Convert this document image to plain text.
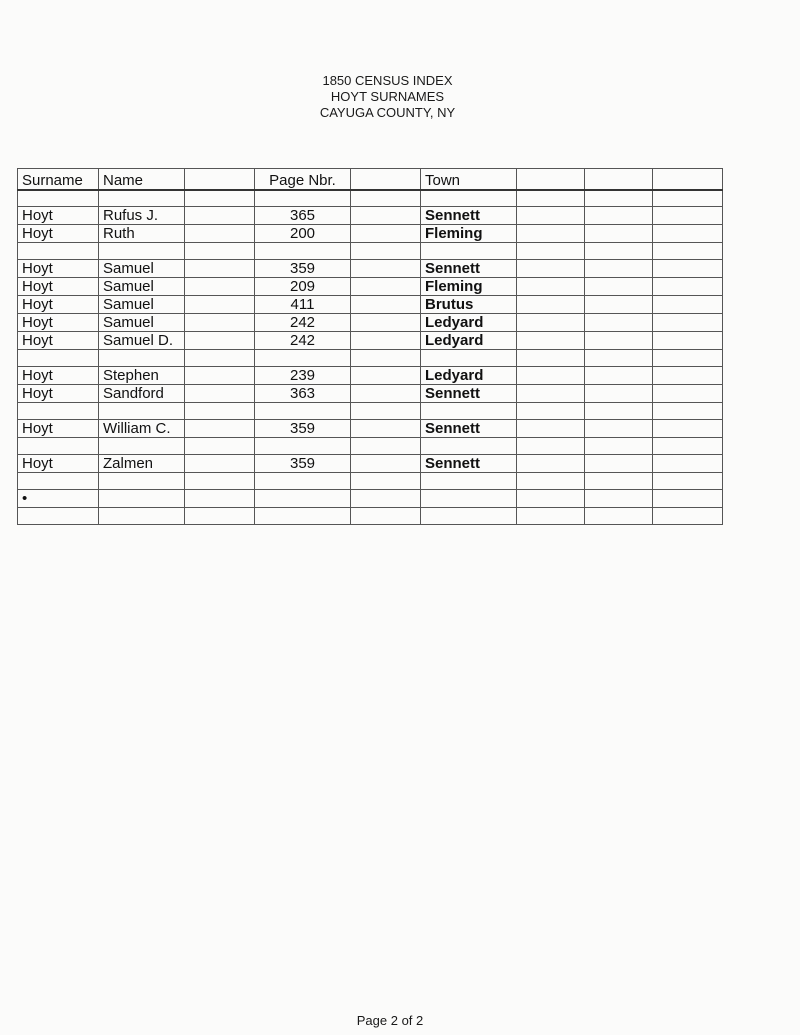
1850 CENSUS INDEX
HOYT SURNAMES
CAYUGA COUNTY, NY
Surname	Name		Page Nbr.		Town			

Hoyt	Rufus J.		365		Sennett			
Hoyt	Ruth		200		Fleming			

Hoyt	Samuel		359		Sennett			
Hoyt	Samuel		209		Fleming			
Hoyt	Samuel		411		Brutus			
Hoyt	Samuel		242		Ledyard			
Hoyt	Samuel D.		242		Ledyard			

Hoyt	Stephen		239		Ledyard			
Hoyt	Sandford		363		Sennett			

Hoyt	William C.		359		Sennett			

Hoyt	Zalmen		359		Sennett			

•								

Page 2 of 2
